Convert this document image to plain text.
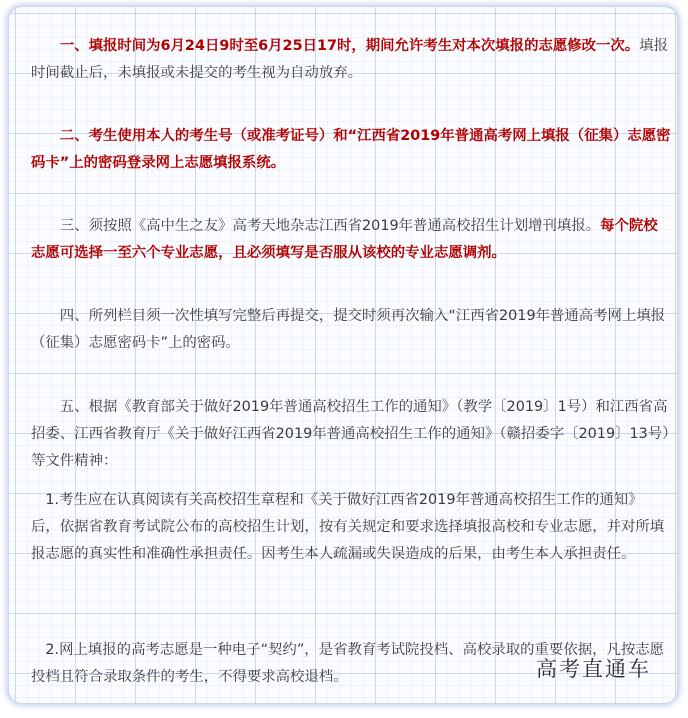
一、填报时间为6月24日9时至6月25日17时，期间允许考生对本次填报的志愿修改一次。填报时间截止后，未填报或未提交的考生视为自动放弃。

二、考生使用本人的考生号（或准考证号）和“江西省2019年普通高考网上填报（征集）志愿密码卡”上的密码登录网上志愿填报系统。

三、须按照《高中生之友》高考天地杂志江西省2019年普通高校招生计划增刊填报。每个院校志愿可选择一至六个专业志愿，且必须填写是否服从该校的专业志愿调剂。

四、所列栏目须一次性填写完整后再提交，提交时须再次输入“江西省2019年普通高考网上填报（征集）志愿密码卡”上的密码。

五、根据《教育部关于做好2019年普通高校招生工作的通知》（教学〔2019〕1号）和江西省高招委、江西省教育厅《关于做好江西省2019年普通高校招生工作的通知》（赣招委字〔2019〕13号）等文件精神：

1.考生应在认真阅读有关高校招生章程和《关于做好江西省2019年普通高校招生工作的通知》后，依据省教育考试院公布的高校招生计划，按有关规定和要求选择填报高校和专业志愿，并对所填报志愿的真实性和准确性承担责任。因考生本人疏漏或失误造成的后果，由考生本人承担责任。

2.网上填报的高考志愿是一种电子“契约”，是省教育考试院投档、高校录取的重要依据，凡按志愿投档且符合录取条件的考生，不得要求高校退档。	高考直通车
